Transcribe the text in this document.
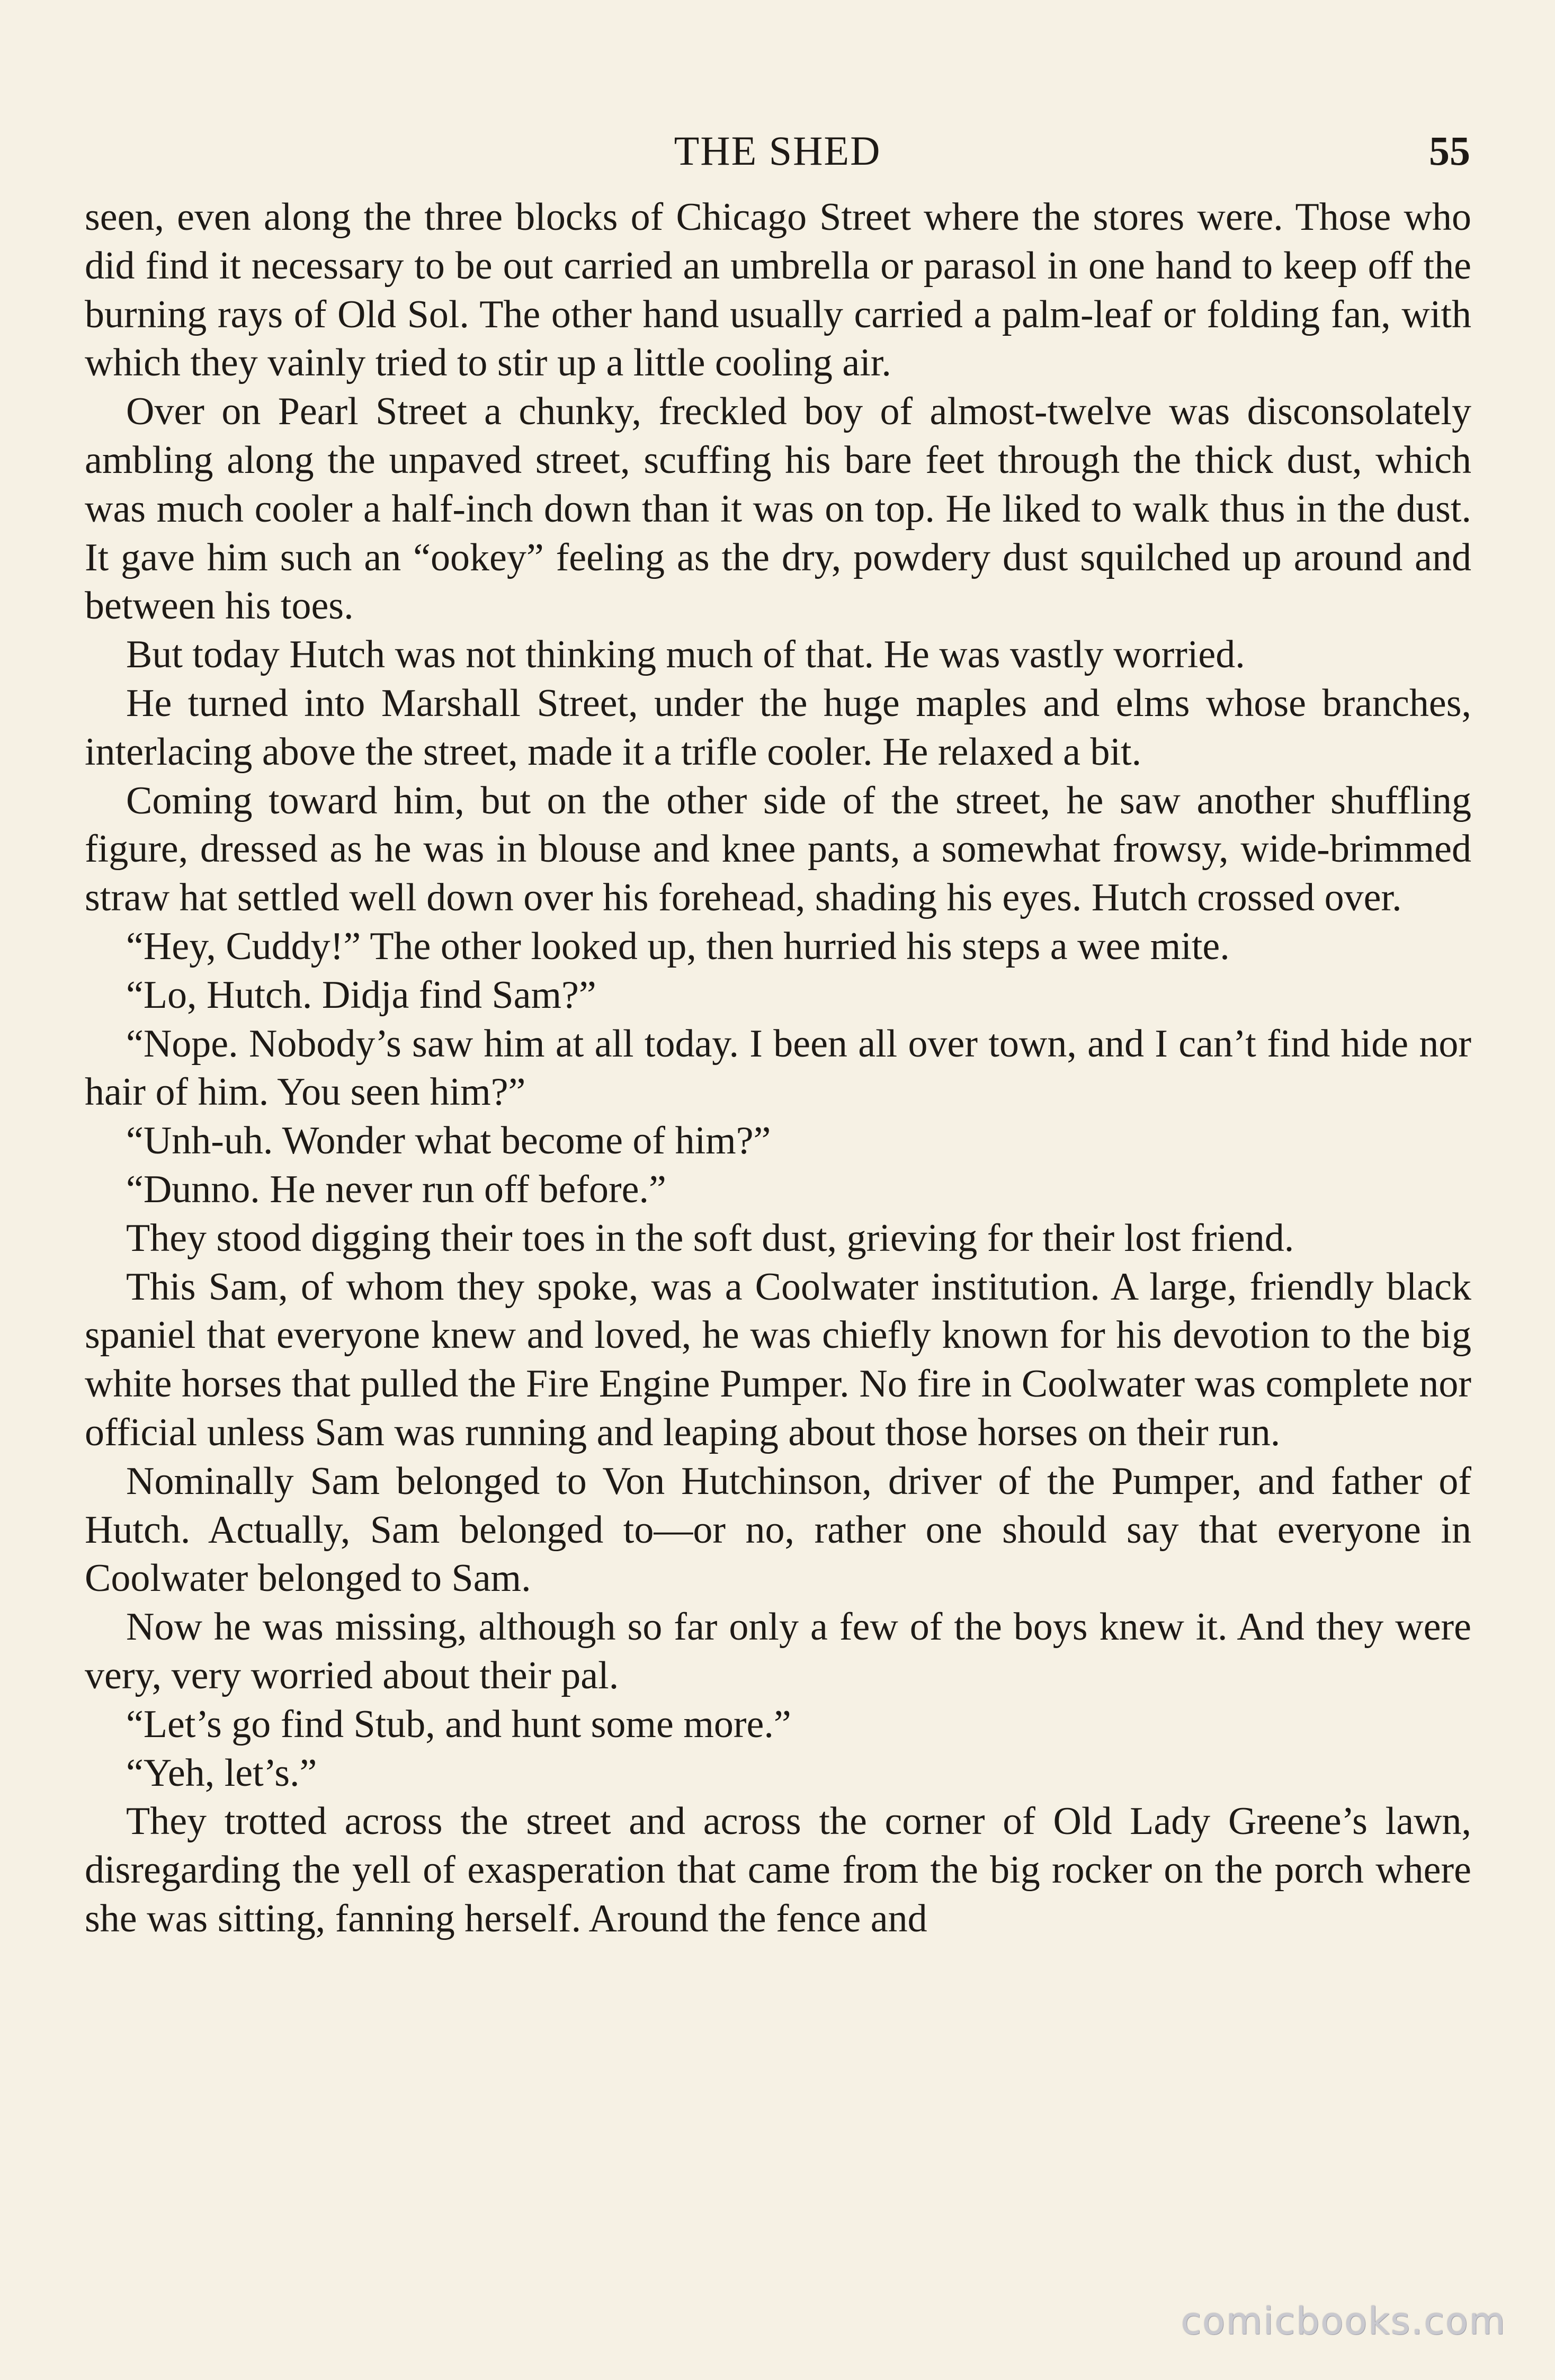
THE SHED	55

seen, even along the three blocks of Chicago Street where the stores were. Those who did find it necessary to be out carried an umbrella or parasol in one hand to keep off the burning rays of Old Sol. The other hand usually carried a palm-leaf or folding fan, with which they vainly tried to stir up a little cooling air.

Over on Pearl Street a chunky, freckled boy of almost-twelve was disconsolately ambling along the unpaved street, scuffing his bare feet through the thick dust, which was much cooler a half-inch down than it was on top. He liked to walk thus in the dust. It gave him such an “ookey” feeling as the dry, powdery dust squilched up around and between his toes.

But today Hutch was not thinking much of that. He was vastly worried.

He turned into Marshall Street, under the huge maples and elms whose branches, interlacing above the street, made it a trifle cooler. He relaxed a bit.

Coming toward him, but on the other side of the street, he saw another shuffling figure, dressed as he was in blouse and knee pants, a somewhat frowsy, wide-brimmed straw hat settled well down over his forehead, shading his eyes. Hutch crossed over.

“Hey, Cuddy!” The other looked up, then hurried his steps a wee mite.

“Lo, Hutch. Didja find Sam?”

“Nope. Nobody’s saw him at all today. I been all over town, and I can’t find hide nor hair of him. You seen him?”

“Unh-uh. Wonder what become of him?”

“Dunno. He never run off before.”

They stood digging their toes in the soft dust, grieving for their lost friend.

This Sam, of whom they spoke, was a Coolwater institution. A large, friendly black spaniel that everyone knew and loved, he was chiefly known for his devotion to the big white horses that pulled the Fire Engine Pumper. No fire in Coolwater was complete nor official unless Sam was running and leaping about those horses on their run.

Nominally Sam belonged to Von Hutchinson, driver of the Pumper, and father of Hutch. Actually, Sam belonged to—or no, rather one should say that everyone in Coolwater belonged to Sam.

Now he was missing, although so far only a few of the boys knew it. And they were very, very worried about their pal.

“Let’s go find Stub, and hunt some more.”

“Yeh, let’s.”

They trotted across the street and across the corner of Old Lady Greene’s lawn, disregarding the yell of exasperation that came from the big rocker on the porch where she was sitting, fanning herself. Around the fence and

comicbooks.com
